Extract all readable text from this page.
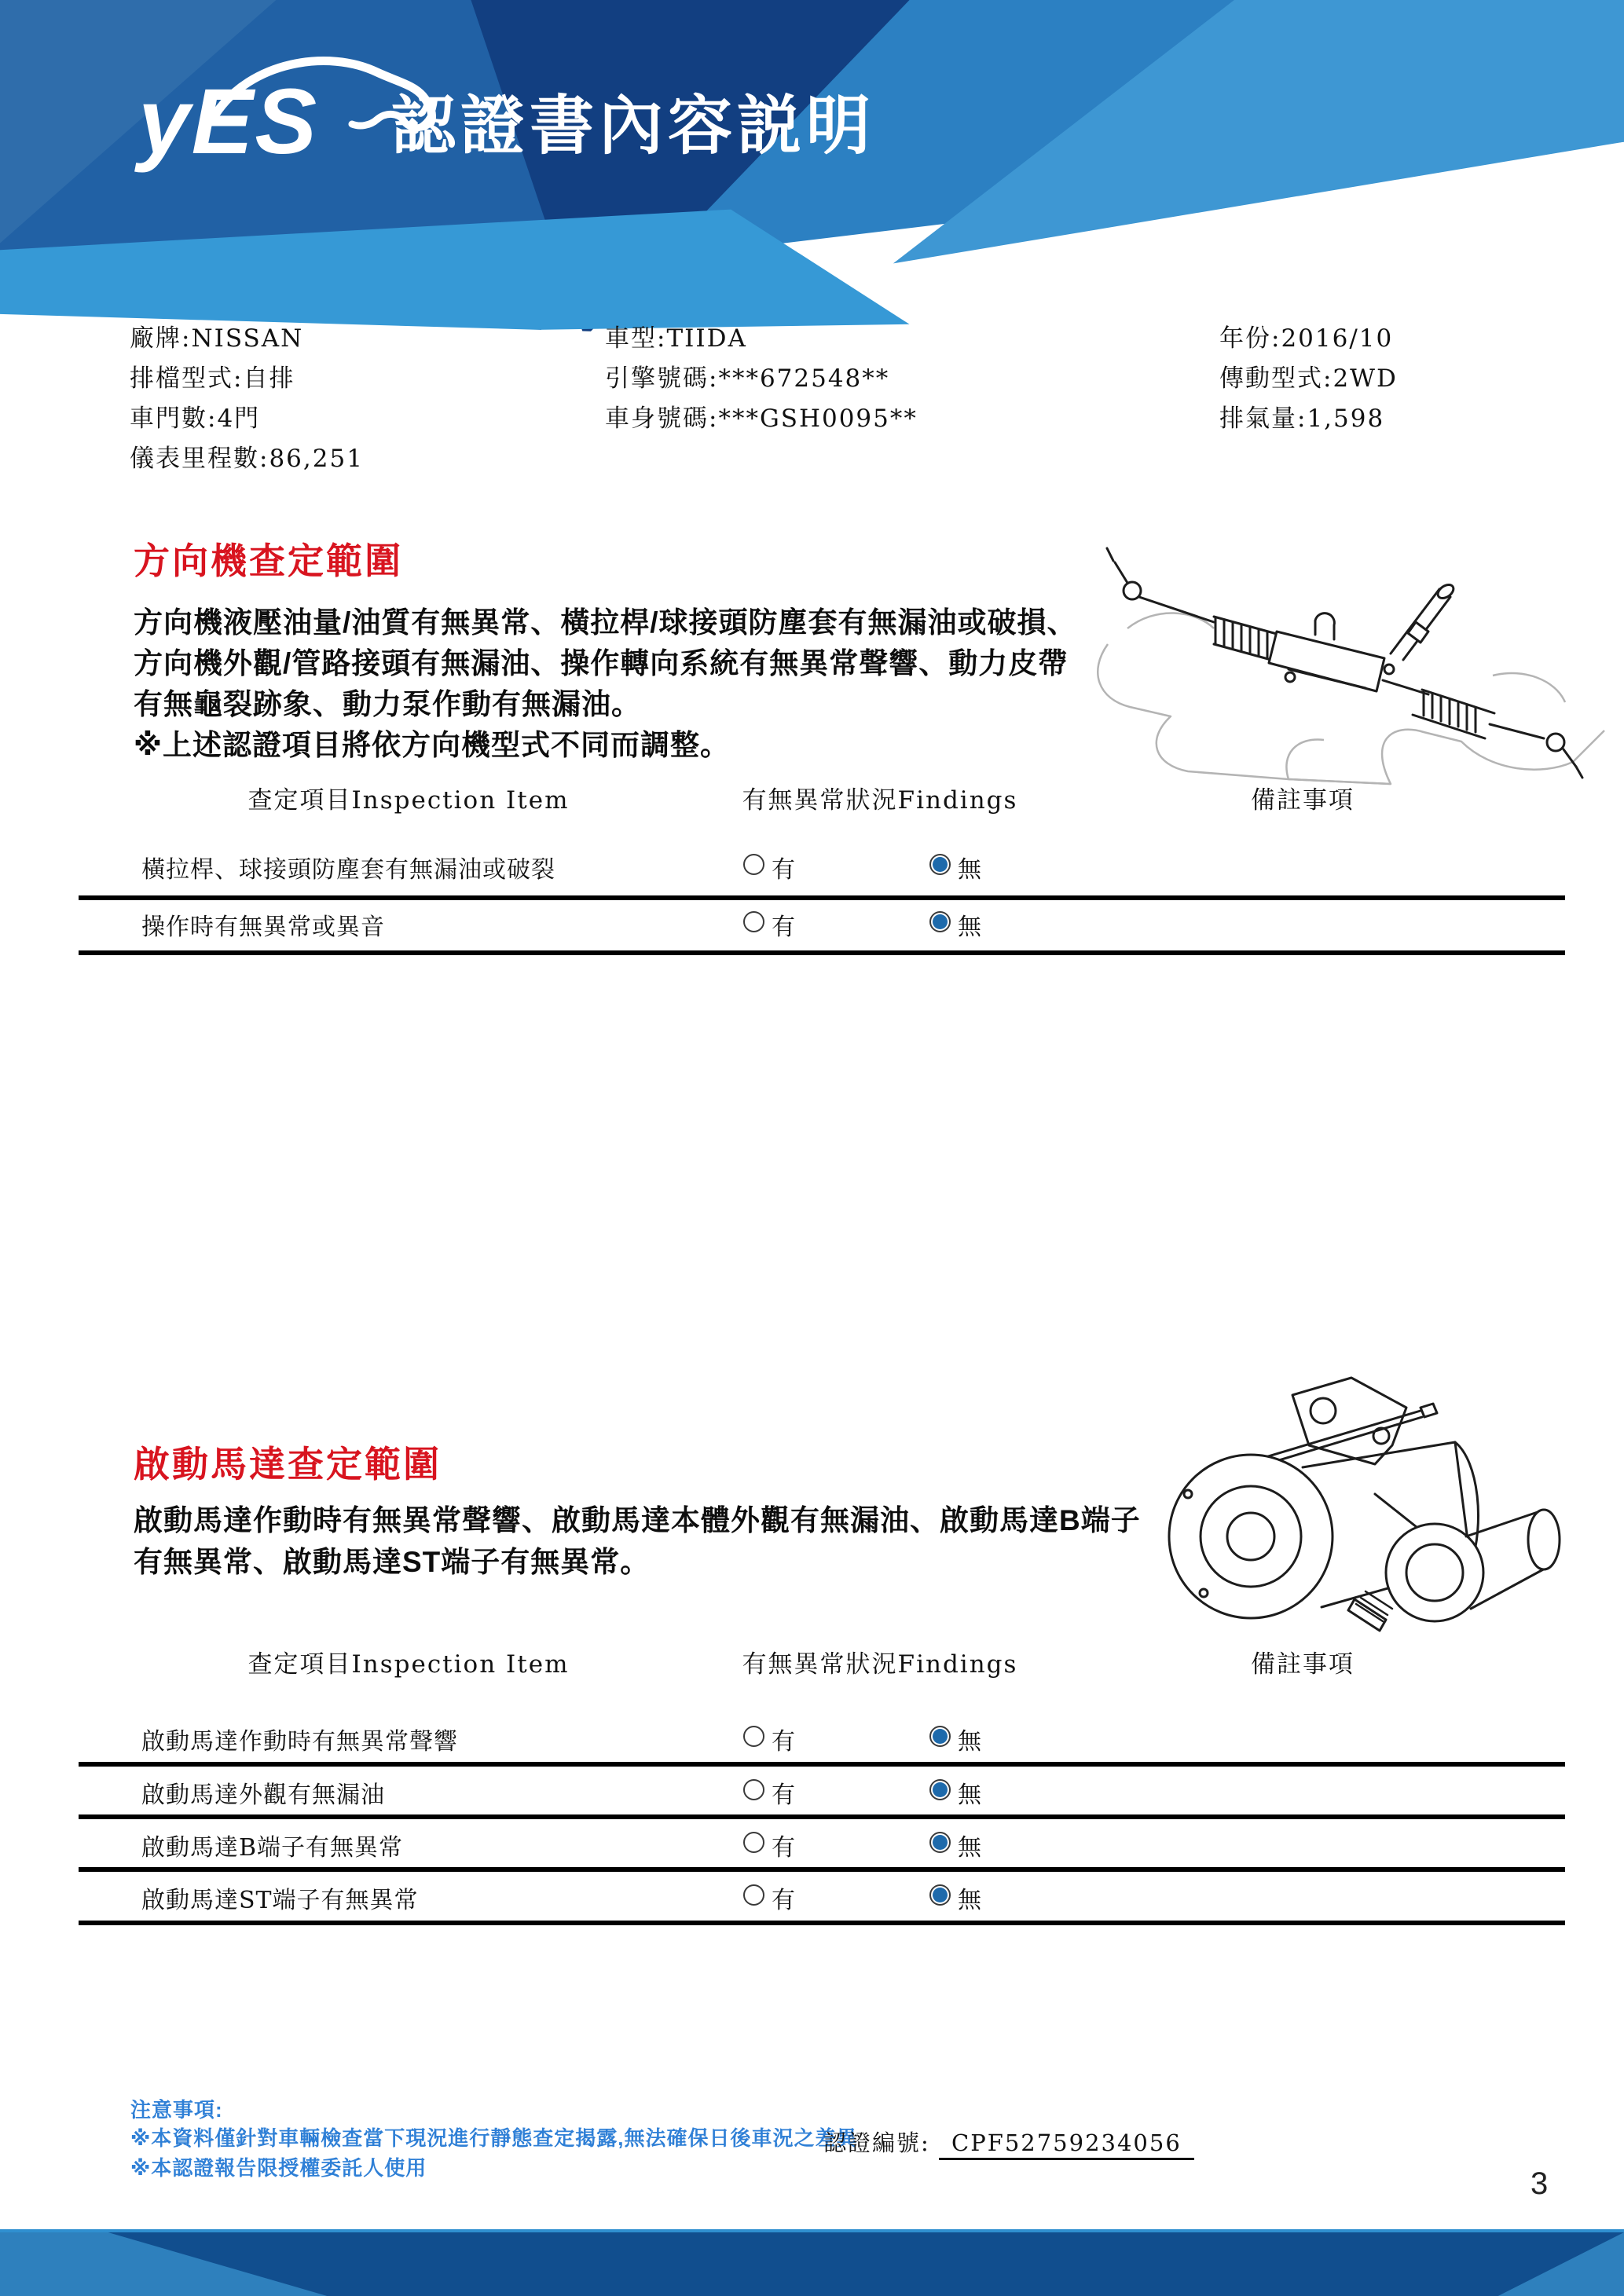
yES 認證書內容説明
廠牌:NISSAN
排檔型式:自排
車門數:4門
儀表里程數:86,251
車型:TIIDA
引擎號碼:***672548**
車身號碼:***GSH0095**
年份:2016/10
傳動型式:2WD
排氣量:1,598
方向機查定範圍
方向機液壓油量/油質有無異常、橫拉桿/球接頭防塵套有無漏油或破損、
方向機外觀/管路接頭有無漏油、操作轉向系統有無異常聲響、動力皮帶
有無龜裂跡象、動力泵作動有無漏油。
※上述認證項目將依方向機型式不同而調整。
查定項目Inspection Item	有無異常狀況Findings	備註事項
橫拉桿、球接頭防塵套有無漏油或破裂	有	無
操作時有無異常或異音	有	無
啟動馬達查定範圍
啟動馬達作動時有無異常聲響、啟動馬達本體外觀有無漏油、啟動馬達B端子
有無異常、啟動馬達ST端子有無異常。
查定項目Inspection Item	有無異常狀況Findings	備註事項
啟動馬達作動時有無異常聲響	有	無
啟動馬達外觀有無漏油	有	無
啟動馬達B端子有無異常	有	無
啟動馬達ST端子有無異常	有	無
注意事項:
※本資料僅針對車輛檢查當下現況進行靜態查定揭露,無法確保日後車況之差異
※本認證報告限授權委託人使用
認證編號: CPF52759234056
3
